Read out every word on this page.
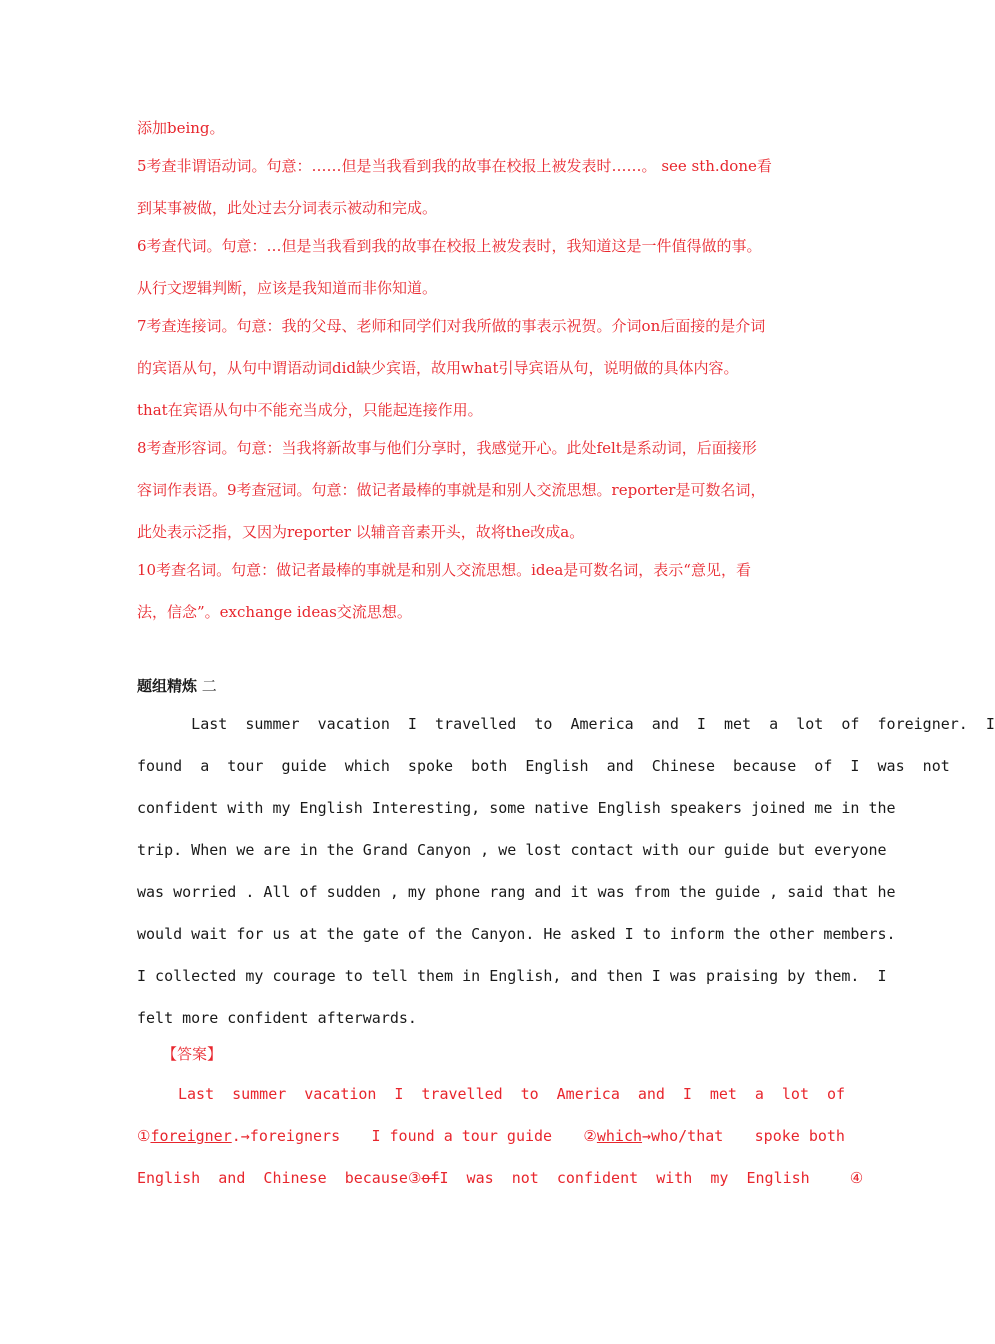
添加being。
5考查非谓语动词。句意：……但是当我看到我的故事在校报上被发表时……。 see sth.done看
到某事被做，此处过去分词表示被动和完成。
6考查代词。句意：…但是当我看到我的故事在校报上被发表时，我知道这是一件值得做的事。
从行文逻辑判断，应该是我知道而非你知道。
7考查连接词。句意：我的父母、老师和同学们对我所做的事表示祝贺。介词on后面接的是介词
的宾语从句，从句中谓语动词did缺少宾语，故用what引导宾语从句，说明做的具体内容。
that在宾语从句中不能充当成分，只能起连接作用。
8考查形容词。句意：当我将新故事与他们分享时，我感觉开心。此处felt是系动词，后面接形
容词作表语。9考查冠词。句意：做记者最棒的事就是和别人交流思想。reporter是可数名词，
此处表示泛指，又因为reporter 以辅音音素开头，故将the改成a。
10考查名词。句意：做记者最棒的事就是和别人交流思想。idea是可数名词，表示“意见，看
法，信念”。exchange ideas交流思想。
题组精炼 二
Last  summer  vacation  I  travelled  to  America  and  I  met  a  lot  of  foreigner.  I
found  a  tour  guide  which  spoke  both  English  and  Chinese  because  of  I  was  not
confident with my English Interesting, some native English speakers joined me in the
trip. When we are in the Grand Canyon , we lost contact with our guide but everyone
was worried . All of sudden , my phone rang and it was from the guide , said that he
would wait for us at the gate of the Canyon. He asked I to inform the other members.
I collected my courage to tell them in English, and then I was praising by them.  I
felt more confident afterwards.
【答案】
Last summer vacation I travelled to America and I met a lot of
①foreigner.→foreigners I found a tour guide ②which→who/that spoke both
English  and  Chinese  because ③of I  was  not  confident  with  my  English	④
